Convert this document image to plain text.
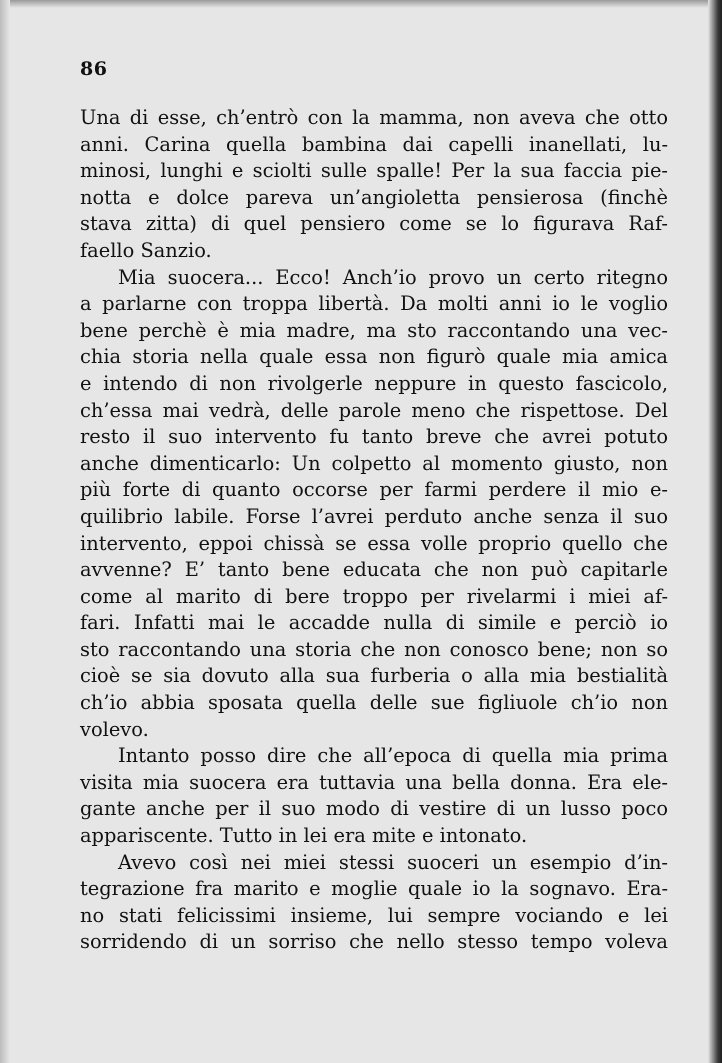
86
Una di esse, ch’entrò con la mamma, non aveva che otto
anni. Carina quella bambina dai capelli inanellati, lu-
minosi, lunghi e sciolti sulle spalle! Per la sua faccia pie-
notta e dolce pareva un’angioletta pensierosa (finchè
stava zitta) di quel pensiero come se lo figurava Raf-
faello Sanzio.
Mia suocera... Ecco! Anch’io provo un certo ritegno
a parlarne con troppa libertà. Da molti anni io le voglio
bene perchè è mia madre, ma sto raccontando una vec-
chia storia nella quale essa non figurò quale mia amica
e intendo di non rivolgerle neppure in questo fascicolo,
ch’essa mai vedrà, delle parole meno che rispettose. Del
resto il suo intervento fu tanto breve che avrei potuto
anche dimenticarlo: Un colpetto al momento giusto, non
più forte di quanto occorse per farmi perdere il mio e-
quilibrio labile. Forse l’avrei perduto anche senza il suo
intervento, eppoi chissà se essa volle proprio quello che
avvenne? E’ tanto bene educata che non può capitarle
come al marito di bere troppo per rivelarmi i miei af-
fari. Infatti mai le accadde nulla di simile e perciò io
sto raccontando una storia che non conosco bene; non so
cioè se sia dovuto alla sua furberia o alla mia bestialità
ch’io abbia sposata quella delle sue figliuole ch’io non
volevo.
Intanto posso dire che all’epoca di quella mia prima
visita mia suocera era tuttavia una bella donna. Era ele-
gante anche per il suo modo di vestire di un lusso poco
appariscente. Tutto in lei era mite e intonato.
Avevo così nei miei stessi suoceri un esempio d’in-
tegrazione fra marito e moglie quale io la sognavo. Era-
no stati felicissimi insieme, lui sempre vociando e lei
sorridendo di un sorriso che nello stesso tempo voleva
